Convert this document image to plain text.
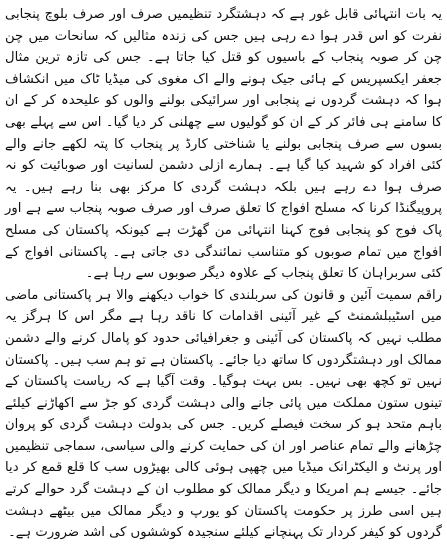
یہ بات انتہائی قابل غور ہے کہ دہشتگرد تنظیمیں صرف اور صرف بلوچ پنجابی نفرت کو اس قدر ہوا دے رہی ہیں جس کی زندہ مثالیں کہ سانحات میں چن چن کر صوبہ پنجاب کے باسیوں کو قتل کیا جاتا ہے۔ جس کی تازہ ترین مثال جعفر ایکسپریس کے ہائی جیک ہونے والے اک مغوی کی میڈیا ٹاک میں انکشاف ہوا کہ دہشت گردوں نے پنجابی اور سرائیکی بولنے والوں کو علیحدہ کر کے ان کا سامنے ہی فائر کر کے ان کو گولیوں سے چھلنی کر دیا گیا۔ اس سے پہلے بھی بسوں سے صرف پنجابی بولنے یا شناختی کارڈ پر پنجاب کا پتہ لکھے جانے والے کئی افراد کو شہید کیا گیا ہے۔ ہمارے ازلی دشمن لسانیت اور صوبائیت کو نہ صرف ہوا دے رہے ہیں بلکہ دہشت گردی کا مرکز بھی بنا رہے ہیں۔ یہ پروپیگنڈا کرنا کہ مسلح افواج کا تعلق صرف اور صرف صوبہ پنجاب سے ہے اور پاک فوج کو پنجابی فوج کہنا انتہائی من گھڑت ہے کیونکہ پاکستان کی مسلح افواج میں تمام صوبوں کو متناسب نمائندگی دی جاتی ہے۔ پاکستانی افواج کے کئی سربراہان کا تعلق پنجاب کے علاوہ دیگر صوبوں سے رہا ہے۔

راقم سمیت آئین و قانون کی سربلندی کا خواب دیکھنے والا ہر پاکستانی ماضی میں اسٹیبلشمنٹ کے غیر آئینی اقدامات کا ناقد رہا ہے مگر اس کا ہرگز یہ مطلب نہیں کہ پاکستان کی آئینی و جغرافیائی حدود کو پامال کرنے والے دشمن ممالک اور دہشتگردوں کا ساتھ دیا جائے۔ پاکستان ہے تو ہم سب ہیں۔ پاکستان نہیں تو کچھ بھی نہیں۔ بس بہت ہوگیا۔ وقت آگیا ہے کہ ریاست پاکستان کے تینوں ستون مملکت میں پائی جانے والی دہشت گردی کو جڑ سے اکھاڑنے کیلئے باہم متحد ہو کر سخت فیصلے کریں۔ جس کی بدولت دہشت گردی کو پروان چڑھانے والے تمام عناصر اور ان کی حمایت کرنے والی سیاسی، سماجی تنظیمیں اور پرنٹ و الیکٹرانک میڈیا میں چھپی ہوئی کالی بھیڑوں سب کا قلع قمع کر دیا جائے۔ جیسے ہم امریکا و دیگر ممالک کو مطلوب ان کے دہشت گرد حوالے کرتے ہیں اسی طرز پر حکومت پاکستان کو یورپ و دیگر ممالک میں بیٹھے دہشت گردوں کو کیفر کردار تک پہنچانے کیلئے سنجیدہ کوششوں کی اشد ضرورت ہے۔
